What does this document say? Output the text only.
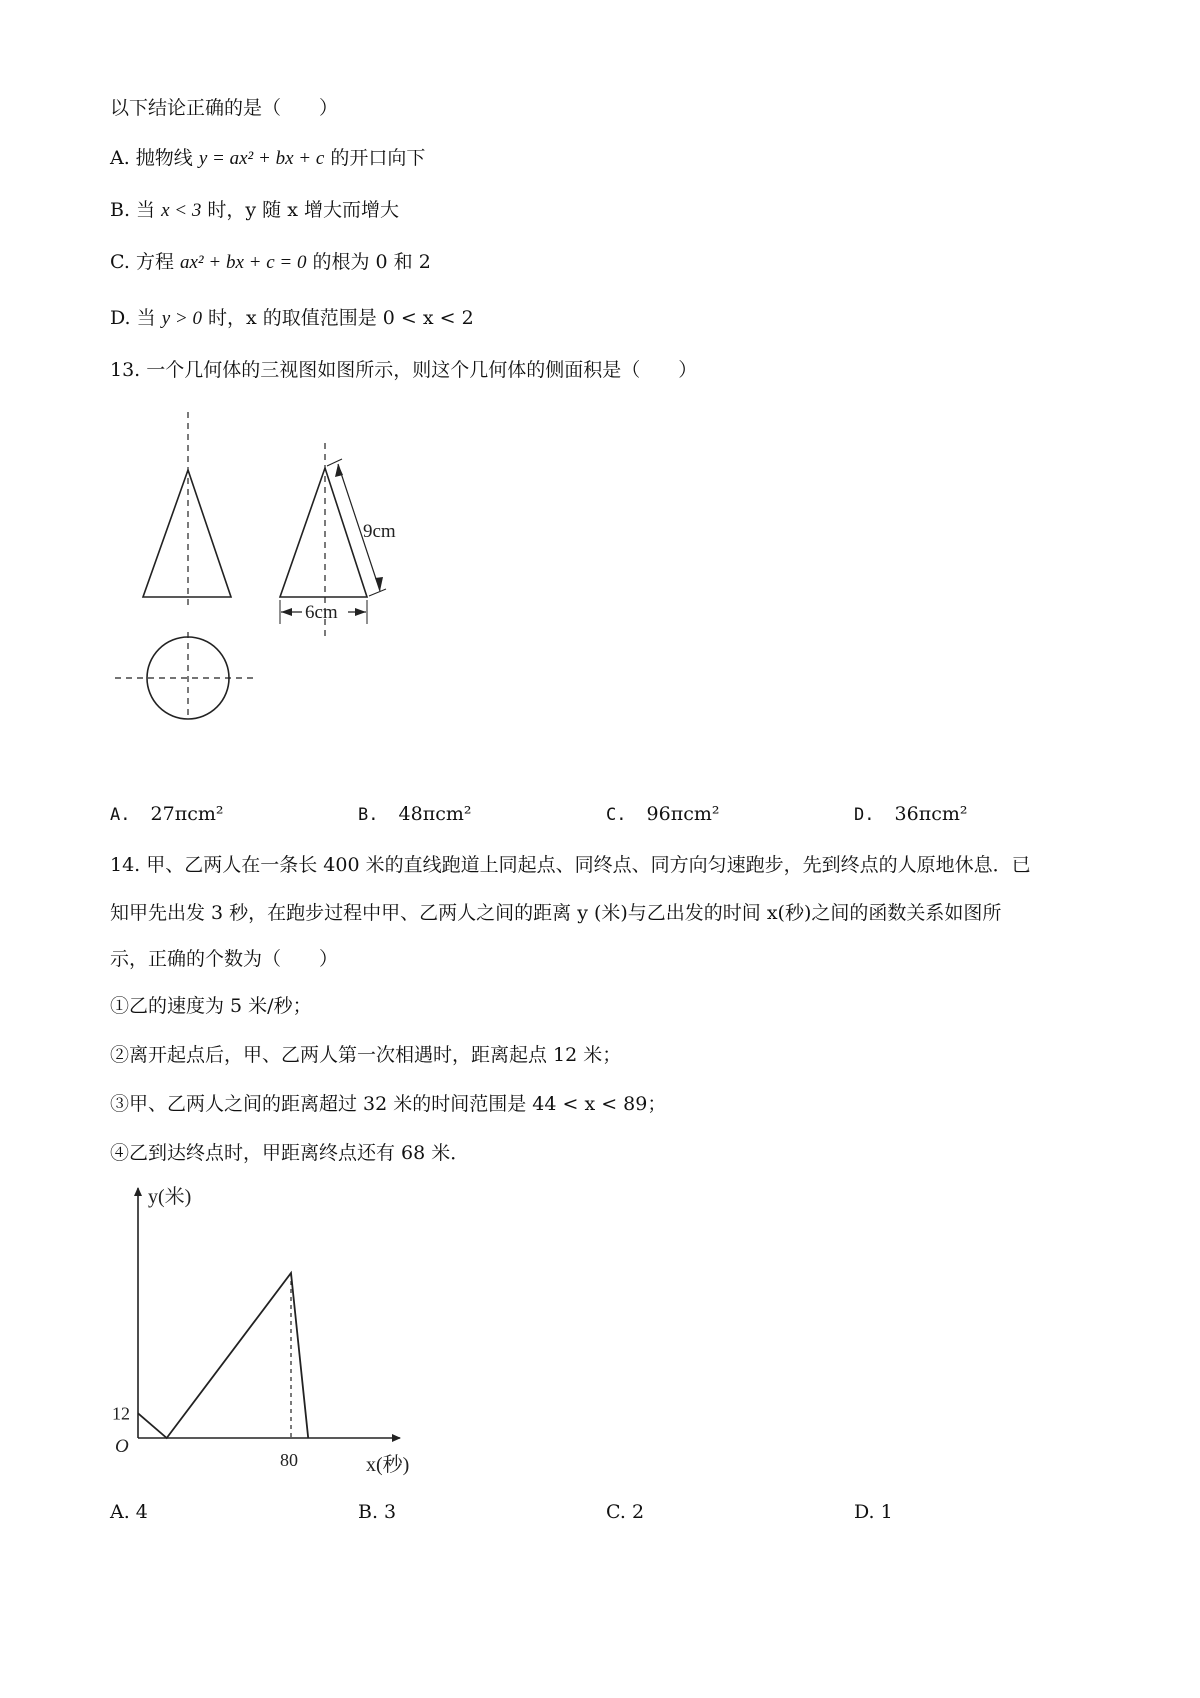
以下结论正确的是（　　）
A. 抛物线 y = ax² + bx + c 的开口向下
B. 当 x < 3 时，y 随 x 增大而增大
C. 方程 ax² + bx + c = 0 的根为 0 和 2
D. 当 y > 0 时，x 的取值范围是 0 < x < 2
13. 一个几何体的三视图如图所示，则这个几何体的侧面积是（　　）
9cm
6cm
A. 27πcm²	B. 48πcm²	C. 96πcm²	D. 36πcm²
14. 甲、乙两人在一条长 400 米的直线跑道上同起点、同终点、同方向匀速跑步，先到终点的人原地休息．已
知甲先出发 3 秒，在跑步过程中甲、乙两人之间的距离 y (米)与乙出发的时间 x(秒)之间的函数关系如图所
示，正确的个数为（　　）
①乙的速度为 5 米/秒；
②离开起点后，甲、乙两人第一次相遇时，距离起点 12 米；
③甲、乙两人之间的距离超过 32 米的时间范围是 44 < x < 89；
④乙到达终点时，甲距离终点还有 68 米．
80
12
y(米)
x(秒)
O
A. 4	B. 3	C. 2	D. 1
